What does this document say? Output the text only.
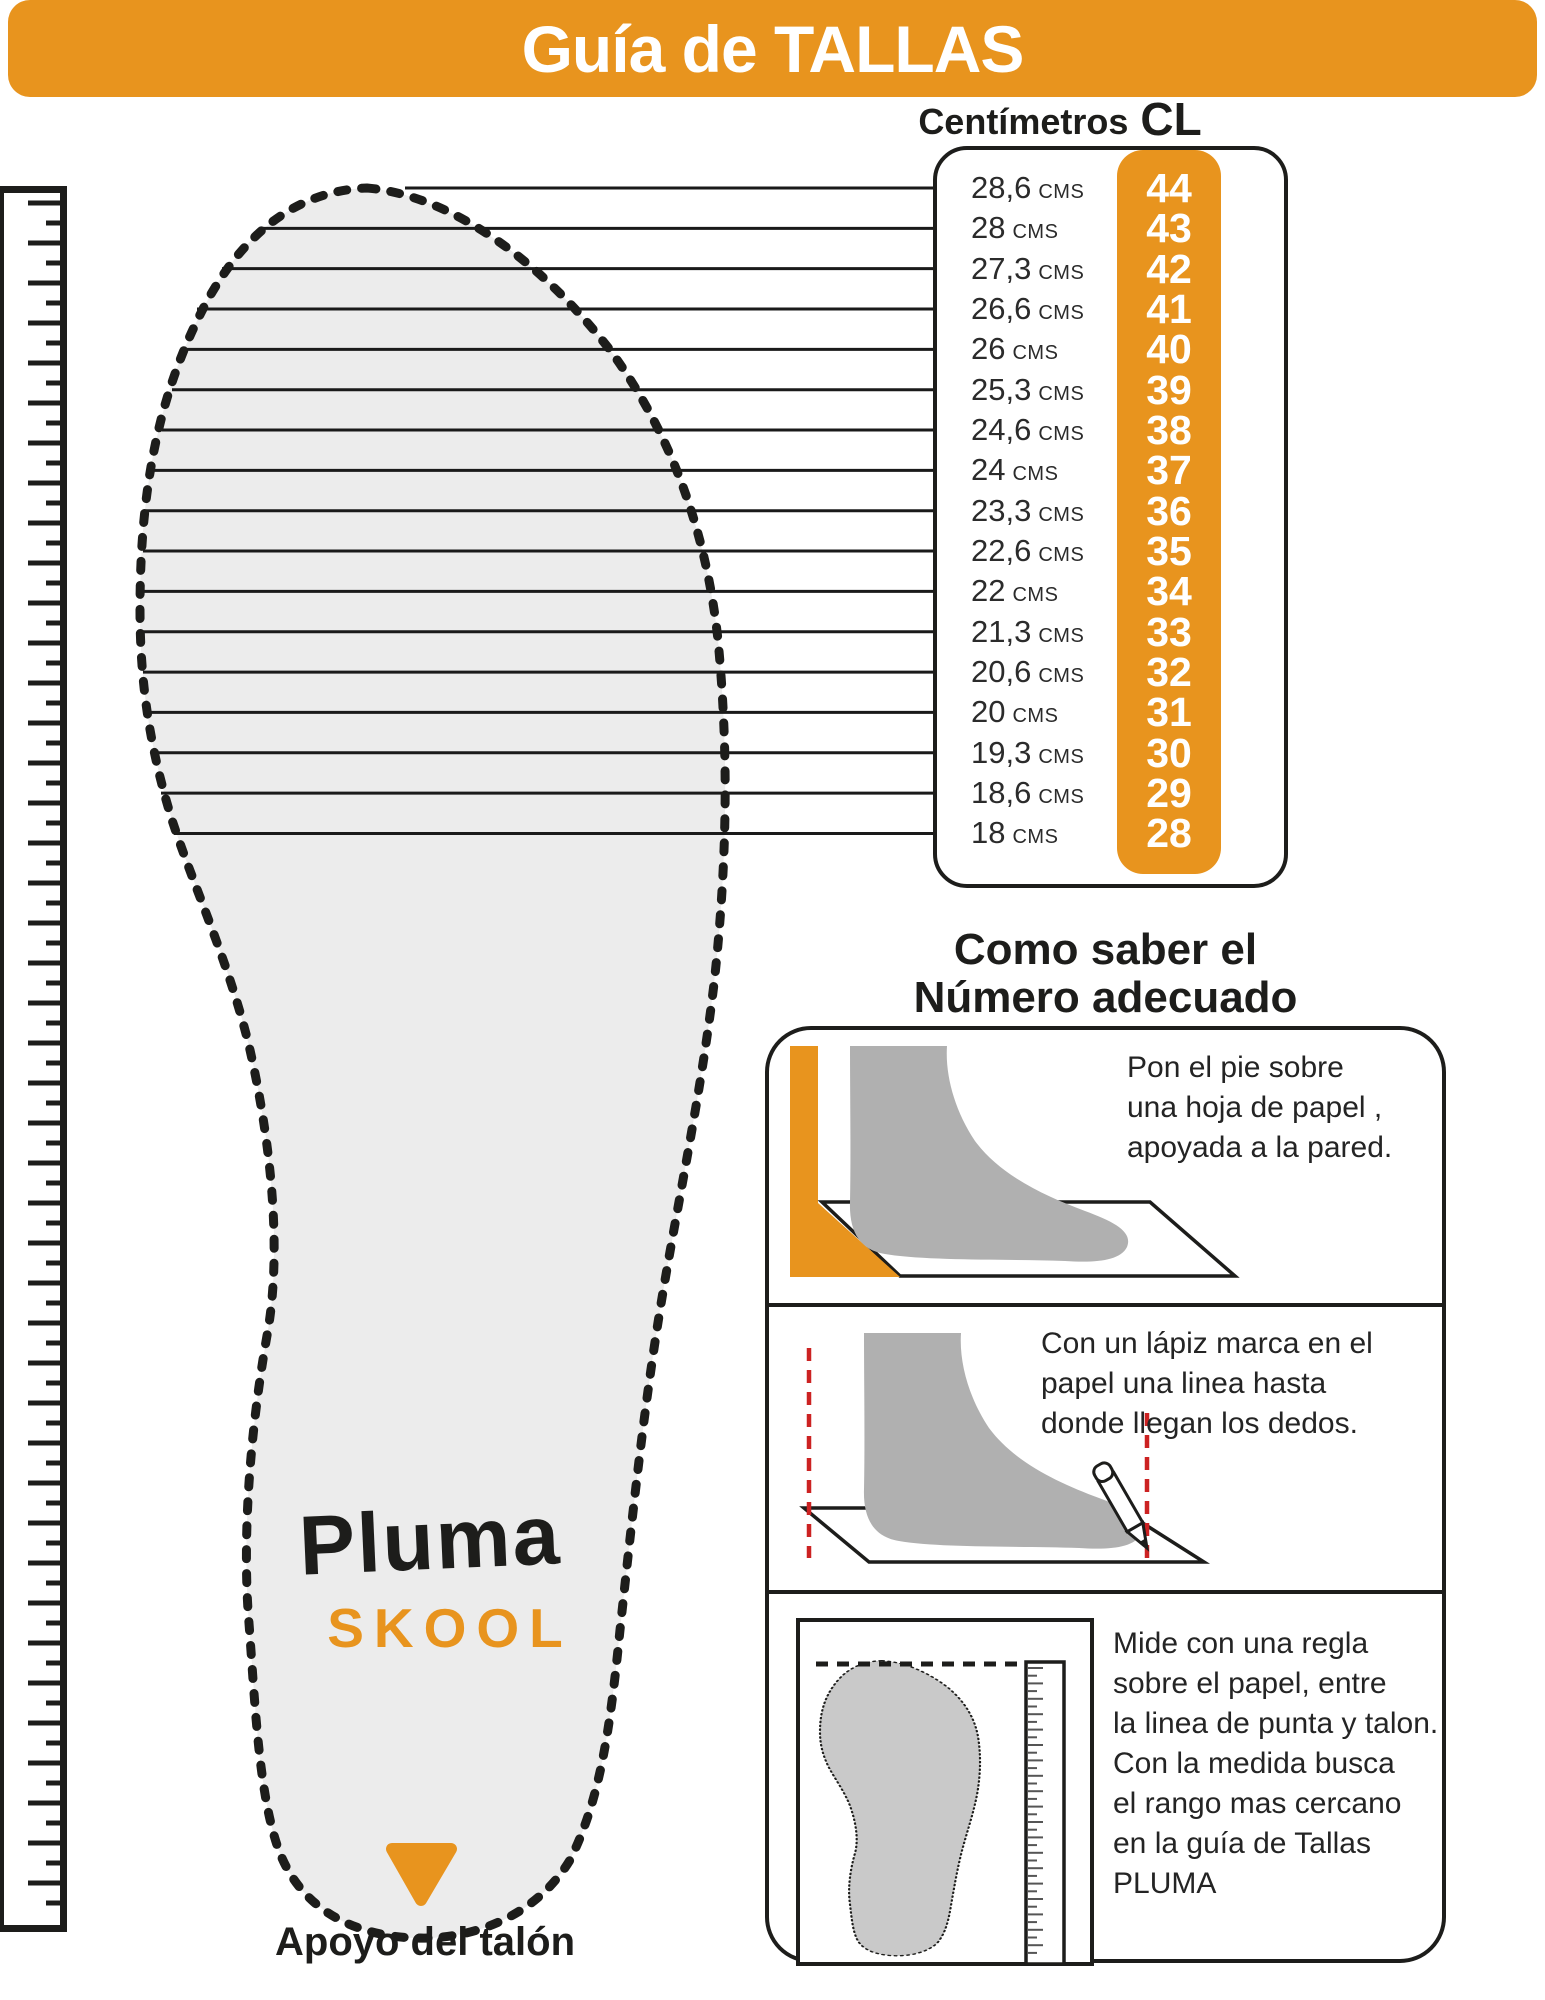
Guía de TALLAS
Pluma
SKOOL
Apoyo del talón
Centímetros CL
28,6 CMS	44
28 CMS	43
27,3 CMS	42
26,6 CMS	41
26 CMS	40
25,3 CMS	39
24,6 CMS	38
24 CMS	37
23,3 CMS	36
22,6 CMS	35
22 CMS	34
21,3 CMS	33
20,6 CMS	32
20 CMS	31
19,3 CMS	30
18,6 CMS	29
18 CMS	28
Como saber el
Número adecuado
Pon el pie sobre
una hoja de papel ,
apoyada a la pared.
Con un lápiz marca en el
papel una linea hasta
donde llegan los dedos.
Mide con una regla
sobre el papel, entre
la linea de punta y talon.
Con la medida busca
el rango mas cercano
en la guía de Tallas PLUMA
